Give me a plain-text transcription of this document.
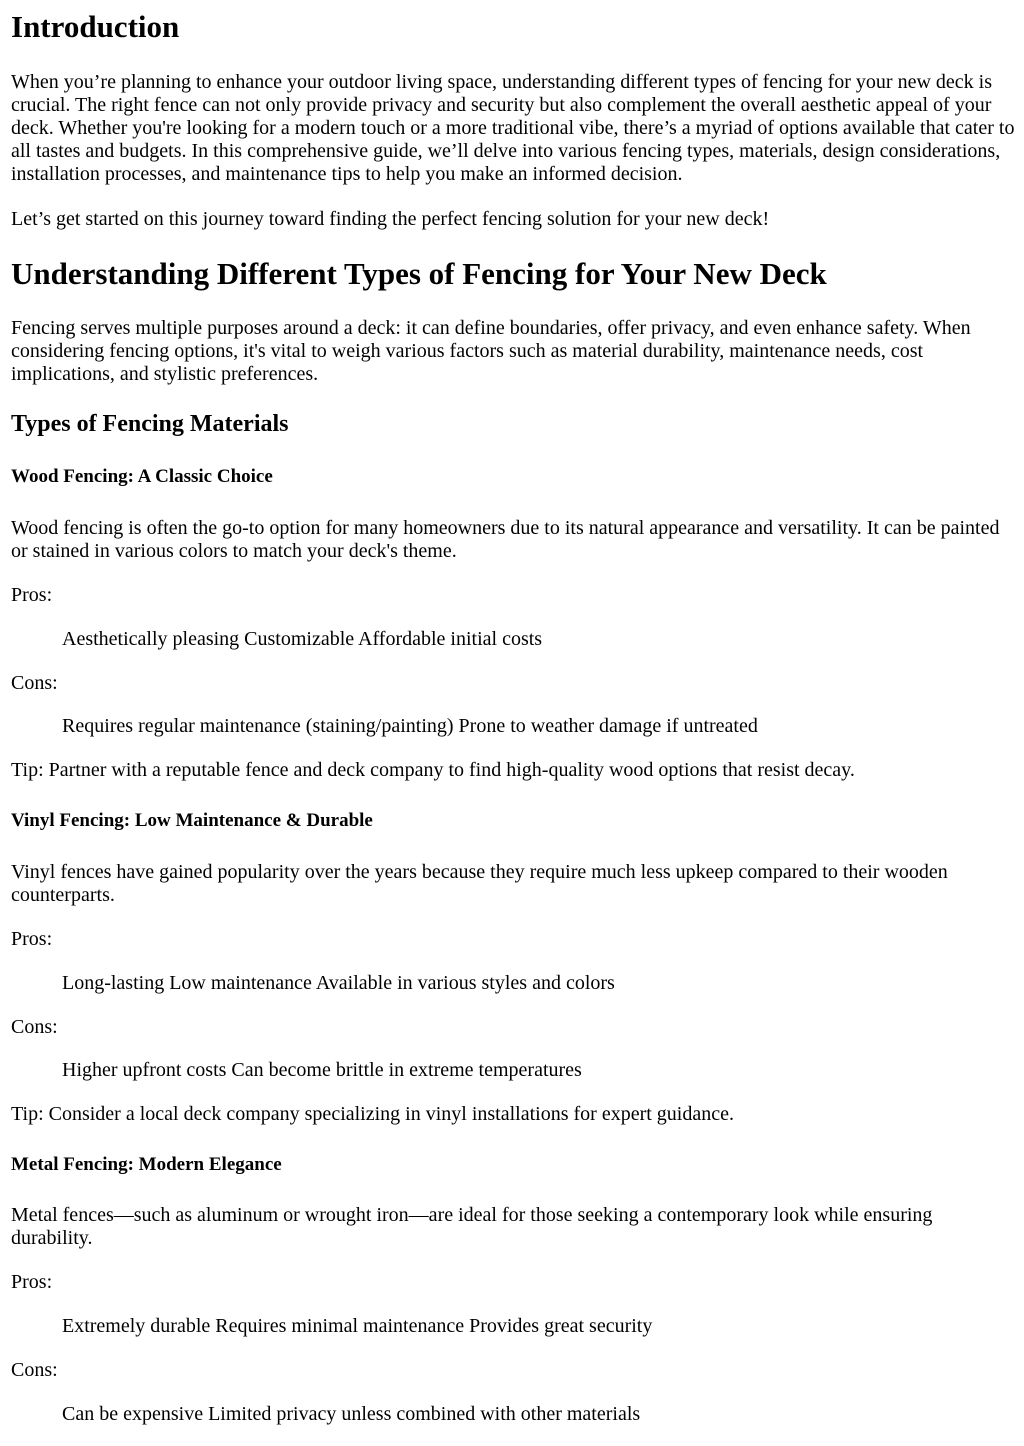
Introduction

When you’re planning to enhance your outdoor living space, understanding different types of fencing for your new deck is crucial. The right fence can not only provide privacy and security but also complement the overall aesthetic appeal of your deck. Whether you're looking for a modern touch or a more traditional vibe, there’s a myriad of options available that cater to all tastes and budgets. In this comprehensive guide, we’ll delve into various fencing types, materials, design considerations, installation processes, and maintenance tips to help you make an informed decision.

Let’s get started on this journey toward finding the perfect fencing solution for your new deck!

Understanding Different Types of Fencing for Your New Deck

Fencing serves multiple purposes around a deck: it can define boundaries, offer privacy, and even enhance safety. When considering fencing options, it's vital to weigh various factors such as material durability, maintenance needs, cost implications, and stylistic preferences.

Types of Fencing Materials
Wood Fencing: A Classic Choice

Wood fencing is often the go-to option for many homeowners due to its natural appearance and versatility. It can be painted or stained in various colors to match your deck's theme.

Pros:

Aesthetically pleasing Customizable Affordable initial costs

Cons:

Requires regular maintenance (staining/painting) Prone to weather damage if untreated

Tip: Partner with a reputable fence and deck company to find high-quality wood options that resist decay.

Vinyl Fencing: Low Maintenance & Durable

Vinyl fences have gained popularity over the years because they require much less upkeep compared to their wooden counterparts.

Pros:

Long-lasting Low maintenance Available in various styles and colors

Cons:

Higher upfront costs Can become brittle in extreme temperatures

Tip: Consider a local deck company specializing in vinyl installations for expert guidance.

Metal Fencing: Modern Elegance

Metal fences—such as aluminum or wrought iron—are ideal for those seeking a contemporary look while ensuring durability.

Pros:

Extremely durable Requires minimal maintenance Provides great security

Cons:

Can be expensive Limited privacy unless combined with other materials
